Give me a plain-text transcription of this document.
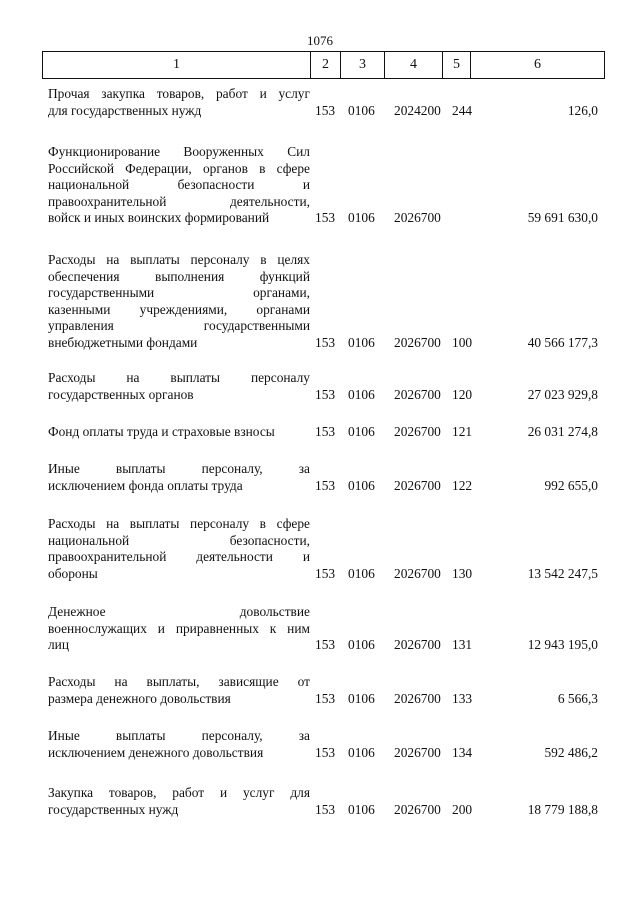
1076
1	2	3	4	5	6
Прочая закупка товаров, работ и услуг
для государственных нужд	153 0106 2024200 244	126,0
Функционирование Вооруженных Сил
Российской Федерации, органов в сфере
национальной безопасности и
правоохранительной деятельности,
войск и иных воинских формирований	153 0106 2026700	59 691 630,0
Расходы на выплаты персоналу в целях
обеспечения выполнения функций
государственными органами,
казенными учреждениями, органами
управления государственными
внебюджетными фондами	153 0106 2026700 100	40 566 177,3
Расходы на выплаты персоналу
государственных органов	153 0106 2026700 120	27 023 929,8
Фонд оплаты труда и страховые взносы	153 0106 2026700 121	26 031 274,8
Иные выплаты персоналу, за
исключением фонда оплаты труда	153 0106 2026700 122	992 655,0
Расходы на выплаты персоналу в сфере
национальной безопасности,
правоохранительной деятельности и
обороны	153 0106 2026700 130	13 542 247,5
Денежное довольствие
военнослужащих и приравненных к ним
лиц	153 0106 2026700 131	12 943 195,0
Расходы на выплаты, зависящие от
размера денежного довольствия	153 0106 2026700 133	6 566,3
Иные выплаты персоналу, за
исключением денежного довольствия	153 0106 2026700 134	592 486,2
Закупка товаров, работ и услуг для
государственных нужд	153 0106 2026700 200	18 779 188,8
